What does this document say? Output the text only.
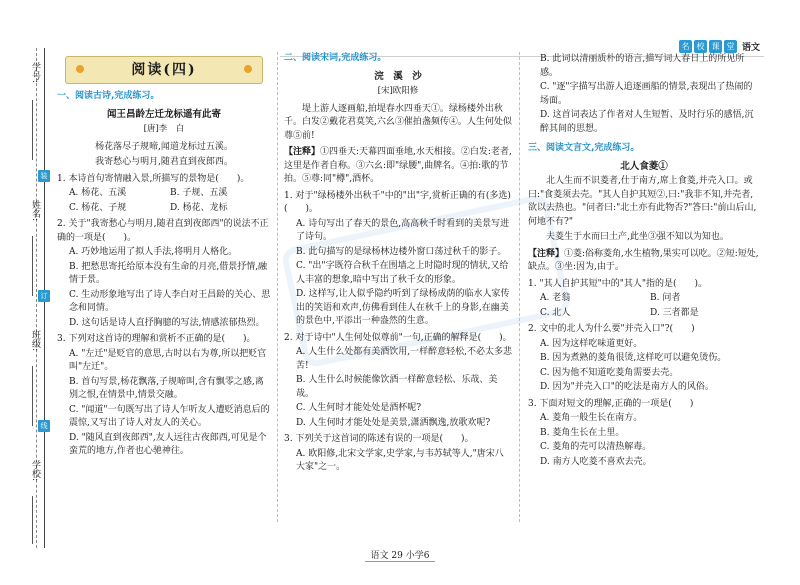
学号:
姓名:
班级:
学校:
装
订
线
名 校 课 堂 语文
阅读(四)
一、阅读古诗,完成练习。
闻王昌龄左迁龙标遥有此寄
[唐]李　白
杨花落尽子规啼,闻道龙标过五溪。
我寄愁心与明月,随君直到夜郎西。
1. 本诗首句寄情融入景,所描写的景物是(　　)。
A. 杨花、五溪	B. 子规、五溪
C. 杨花、子规	D. 杨花、龙标
2. 关于"我寄愁心与明月,随君直到夜郎西"的说法不正确的一项是(　　)。
A. 巧妙地运用了拟人手法,将明月人格化。
B. 把愁思寄托给原本没有生命的月亮,借景抒情,融情于景。
C. 生动形象地写出了诗人李白对王昌龄的关心、思念和同情。
D. 这句话是诗人直抒胸臆的写法,情感浓郁热烈。
3. 下列对这首诗的理解和赏析不正确的是(　　)。
A. "左迁"是贬官的意思,古时以右为尊,所以把贬官叫"左迁"。
B. 首句写景,杨花飘落,子规啼叫,含有飘零之感,离别之恨,在情景中,情景交融。
C. "闻道"一句既写出了诗人乍听友人遭贬消息后的震惊,又写出了诗人对友人的关心。
D. "随风直到夜郎西",友人远往古夜郎西,可见是个蛮荒的地方,作者也心驰神往。
二、阅读宋词,完成练习。
浣　溪　沙
[宋]欧阳修
堤上游人逐画船,拍堤春水四垂天①。绿杨楼外出秋千。白发②戴花君莫笑,六幺③催拍盏频传④。人生何处似尊⑤前!
【注释】①四垂天:天幕四面垂地,水天相接。②白发:老者,这里是作者自称。③六幺:即"绿腰",曲牌名。④拍:歌的节拍。⑤尊:同"樽",酒杯。
1. 对于"绿杨楼外出秋千"中的"出"字,赏析正确的有(多选)(　　)。
A. 诗句写出了春天的景色,高高秋千时看到的美景写进了诗句。
B. 此句描写的是绿杨林边楼外窗口荡过秋千的影子。
C. "出"字既符合秋千在围墙之上时隐时现的情状,又给人丰富的想象,暗中写出了秋千女的形象。
D. 这样写,让人似乎隐约听到了绿杨成荫的临水人家传出的笑语和欢声,仿佛看到佳人在秋千上的身影,在幽美的景色中,平添出一种盎然的生意。
2. 对于诗中"人生何处似尊前"一句,正确的解释是(　　)。
A. 人生什么处都有美酒饮用,一样醉意轻松,不必太多悲苦!
B. 人生什么时候能像饮酒一样醉意轻松、乐哉、美哉。
C. 人生何时才能处处是酒杯呢?
D. 人生何时才能处处是美景,潇洒飘逸,放歌欢呢?
3. 下列关于这首词的陈述有误的一项是(　　)。
A. 欧阳修,北宋文学家,史学家,与韦苏轼等人,"唐宋八大家"之一。
B. 此词以清丽质朴的语言,描写词人春日上的所见所感。
C. "逐"字描写出游人追逐画船的情景,表现出了热闹的场面。
D. 这首词表达了作者对人生短暂、及时行乐的感悟,沉醉其间的思想。
三、阅读文言文,完成练习。
北人食菱①
北人生而不识菱者,仕于南方,席上食菱,并壳入口。或曰:"食菱须去壳。"其人自护其短②,曰:"我非不知,并壳者,欲以去热也。"问者曰:"北土亦有此物否?"答曰:"前山后山,何地不有?"
夫菱生于水而曰土产,此坐③强不知以为知也。
【注释】①菱:俗称菱角,水生植物,果实可以吃。②短:短处,缺点。③坐:因为,由于。
1. "其人自护其短"中的"其人"指的是(　　)。
A. 老翁	B. 问者
C. 北人	D. 三者都是
2. 文中的北人为什么要"并壳入口"?(　　)
A. 因为这样吃味道更好。
B. 因为煮熟的菱角很烫,这样吃可以避免烫伤。
C. 因为他不知道吃菱角需要去壳。
D. 因为"并壳入口"的吃法是南方人的风俗。
3. 下面对短文的理解,正确的一项是(　　)
A. 菱角一般生长在南方。
B. 菱角生长在土里。
C. 菱角的壳可以清热解毒。
D. 南方人吃菱不喜欢去壳。
语文 29 小学6
